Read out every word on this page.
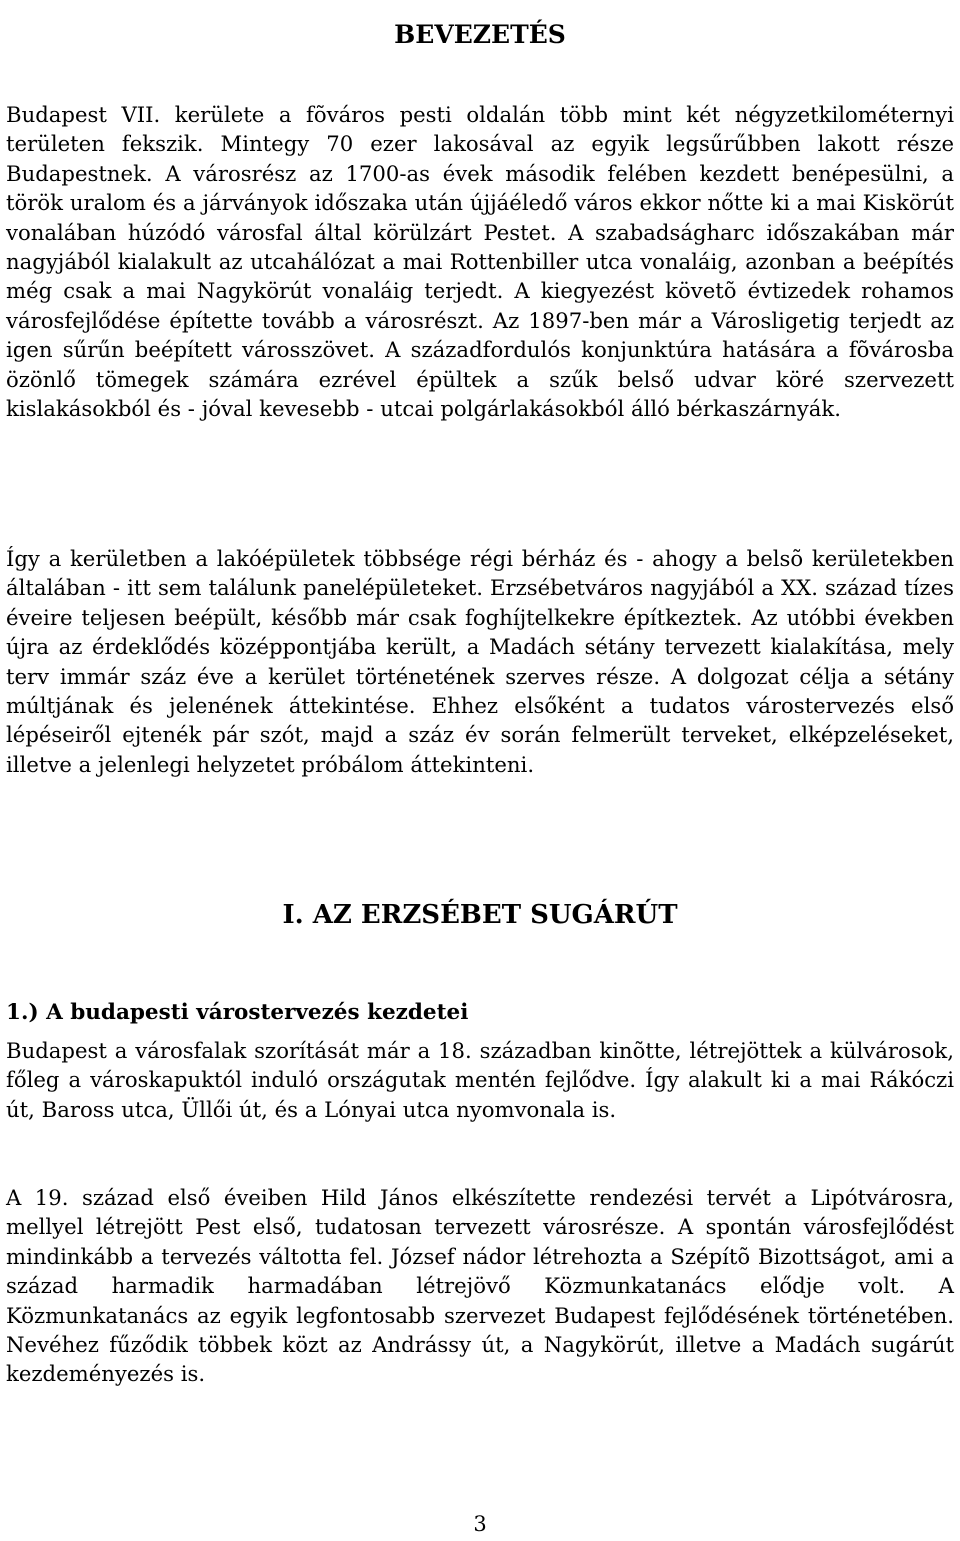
BEVEZETÉS

Budapest VII. kerülete a fõváros pesti oldalán több mint két négyzetkilométernyi területen fekszik. Mintegy 70 ezer lakosával az egyik legsűrűbben lakott része Budapestnek. A városrész az 1700-as évek második felében kezdett benépesülni, a török uralom és a járványok időszaka után újjáéledő város ekkor nőtte ki a mai Kiskörút vonalában húzódó városfal által körülzárt Pestet. A szabadságharc időszakában már nagyjából kialakult az utcahálózat a mai Rottenbiller utca vonaláig, azonban a beépítés még csak a mai Nagykörút vonaláig terjedt. A kiegyezést követõ évtizedek rohamos városfejlődése építette tovább a városrészt. Az 1897-ben már a Városligetig terjedt az igen sűrűn beépített városszövet. A századfordulós konjunktúra hatására a fõvárosba özönlő tömegek számára ezrével épültek a szűk belső udvar köré szervezett kislakásokból és - jóval kevesebb - utcai polgárlakásokból álló bérkaszárnyák.

Így a kerületben a lakóépületek többsége régi bérház és - ahogy a belsõ kerületekben általában - itt sem találunk panelépületeket. Erzsébetváros nagyjából a XX. század tízes éveire teljesen beépült, később már csak foghíjtelkekre építkeztek. Az utóbbi években újra az érdeklődés középpontjába került, a Madách sétány tervezett kialakítása, mely terv immár száz éve a kerület történetének szerves része. A dolgozat célja a sétány múltjának és jelenének áttekintése. Ehhez elsőként a tudatos várostervezés első lépéseiről ejtenék pár szót, majd a száz év során felmerült terveket, elképzeléseket, illetve a jelenlegi helyzetet próbálom áttekinteni.

I. AZ ERZSÉBET SUGÁRÚT
1.) A budapesti várostervezés kezdetei

Budapest a városfalak szorítását már a 18. században kinõtte, létrejöttek a külvárosok, főleg a városkapuktól induló országutak mentén fejlődve. Így alakult ki a mai Rákóczi út, Baross utca, Üllői út, és a Lónyai utca nyomvonala is.

A 19. század első éveiben Hild János elkészítette rendezési tervét a Lipótvárosra, mellyel létrejött Pest első, tudatosan tervezett városrésze. A spontán városfejlődést mindinkább a tervezés váltotta fel. József nádor létrehozta a Szépítõ Bizottságot, ami a század harmadik harmadában létrejövő Közmunkatanács elődje volt. A Közmunkatanács az egyik legfontosabb szervezet Budapest fejlődésének történetében. Nevéhez fűződik többek közt az Andrássy út, a Nagykörút, illetve a Madách sugárút kezdeményezés is.

3
